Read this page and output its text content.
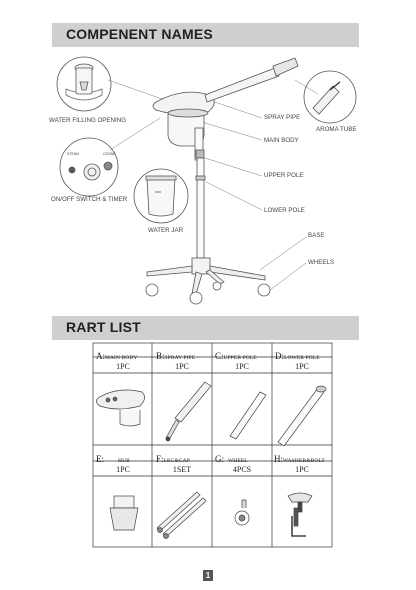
COMPENENT NAMES
SPRAY PIPE
AROMA TUBE
MAIN BODY
UPPER POLE
LOWER POLE
BASE
WHEELS
WATER FILLING OPENING
ON/OFF SWITCH & TIMER
WATER JAR
STEAM	OZONE
RART LIST
A:MAIN BODY B:SPRAY PIPE C:UPPER POLE D:LOWER POLE
1PC	1PC	1PC	1PC
E:	HUB	F:LEG&CAP	G: WHEEL	H:WASHER&BOLT
1PC	1SET	4PCS	1PC
1
